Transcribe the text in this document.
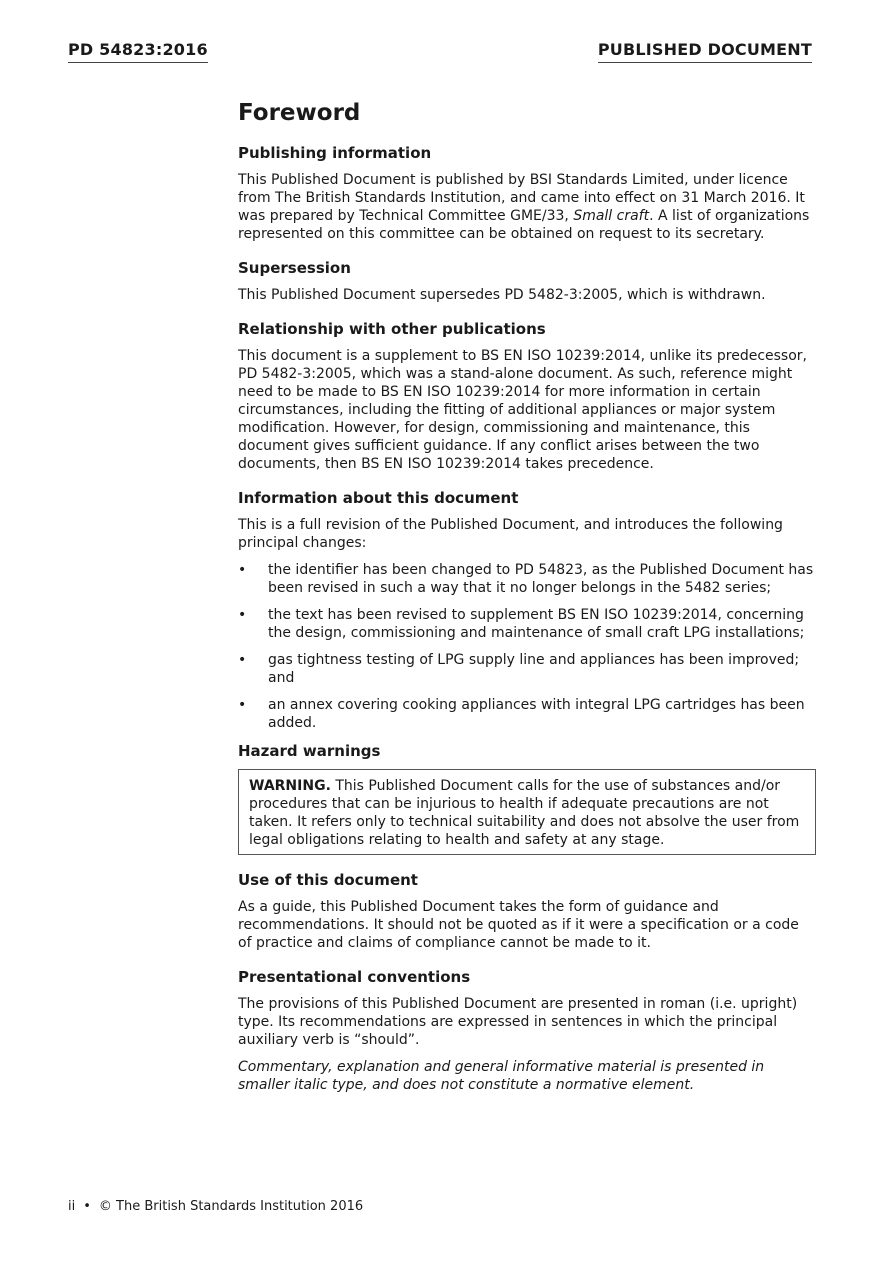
PD 54823:2016	PUBLISHED DOCUMENT
Foreword
Publishing information

This Published Document is published by BSI Standards Limited, under licence from The British Standards Institution, and came into effect on 31 March 2016. It was prepared by Technical Committee GME/33, Small craft. A list of organizations represented on this committee can be obtained on request to its secretary.

Supersession

This Published Document supersedes PD 5482-3:2005, which is withdrawn.

Relationship with other publications

This document is a supplement to BS EN ISO 10239:2014, unlike its predecessor, PD 5482-3:2005, which was a stand-alone document. As such, reference might need to be made to BS EN ISO 10239:2014 for more information in certain circumstances, including the fitting of additional appliances or major system modification. However, for design, commissioning and maintenance, this document gives sufficient guidance. If any conflict arises between the two documents, then BS EN ISO 10239:2014 takes precedence.

Information about this document

This is a full revision of the Published Document, and introduces the following principal changes:

• the identifier has been changed to PD 54823, as the Published Document has been revised in such a way that it no longer belongs in the 5482 series;
• the text has been revised to supplement BS EN ISO 10239:2014, concerning the design, commissioning and maintenance of small craft LPG installations;
• gas tightness testing of LPG supply line and appliances has been improved; and
• an annex covering cooking appliances with integral LPG cartridges has been added.
Hazard warnings
WARNING. This Published Document calls for the use of substances and/or procedures that can be injurious to health if adequate precautions are not taken. It refers only to technical suitability and does not absolve the user from legal obligations relating to health and safety at any stage.
Use of this document

As a guide, this Published Document takes the form of guidance and recommendations. It should not be quoted as if it were a specification or a code of practice and claims of compliance cannot be made to it.

Presentational conventions

The provisions of this Published Document are presented in roman (i.e. upright) type. Its recommendations are expressed in sentences in which the principal auxiliary verb is “should”.

Commentary, explanation and general informative material is presented in smaller italic type, and does not constitute a normative element.

ii • © The British Standards Institution 2016
